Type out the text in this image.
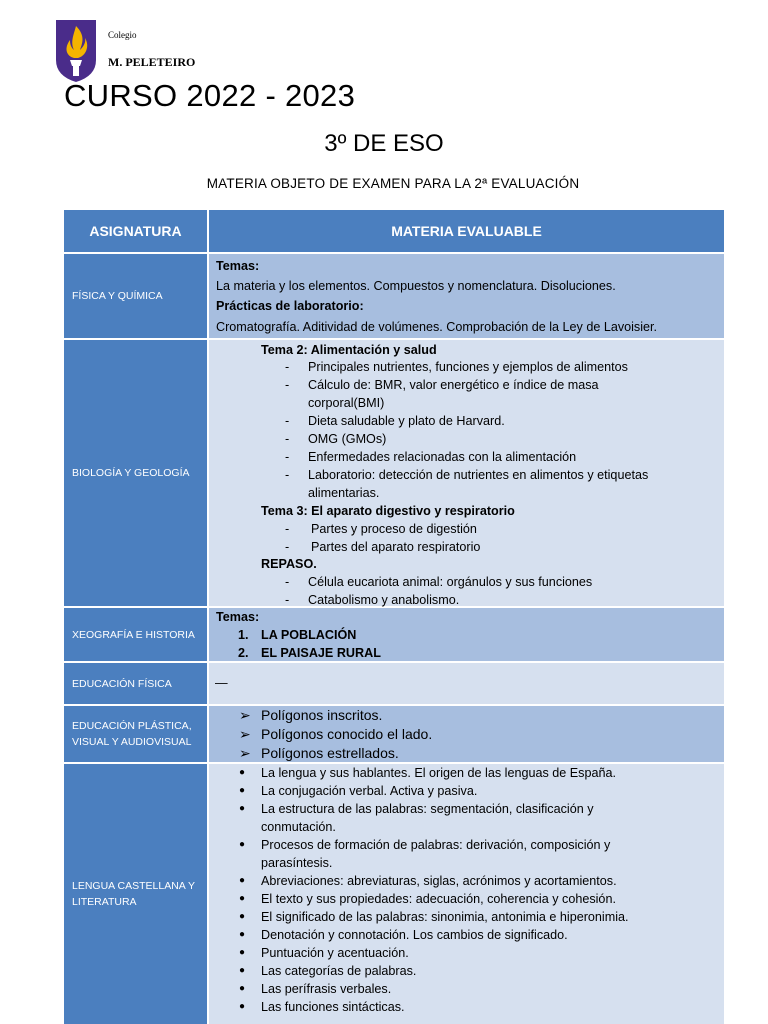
Colegio
M. PELETEIRO
CURSO 2022 - 2023
3º DE ESO
MATERIA OBJETO DE EXAMEN PARA LA 2ª EVALUACIÓN
ASIGNATURA	MATERIA EVALUABLE
FÍSICA Y QUÍMICA
Temas:
La materia y los elementos. Compuestos y nomenclatura. Disoluciones.
Prácticas de laboratorio:
Cromatografía. Aditividad de volúmenes. Comprobación de la Ley de Lavoisier.
BIOLOGÍA Y GEOLOGÍA
Tema 2: Alimentación y salud
- Principales nutrientes, funciones y ejemplos de alimentos
- Cálculo de: BMR, valor energético e índice de masa
corporal(BMI)
- Dieta saludable y plato de Harvard.
- OMG (GMOs)
- Enfermedades relacionadas con la alimentación
- Laboratorio: detección de nutrientes en alimentos y etiquetas
alimentarias.
Tema 3: El aparato digestivo y respiratorio
- Partes y proceso de digestión
- Partes del aparato respiratorio
REPASO.
- Célula eucariota animal: orgánulos y sus funciones
- Catabolismo y anabolismo.
XEOGRAFÍA E HISTORIA
Temas:
1. LA POBLACIÓN
2. EL PAISAJE RURAL
EDUCACIÓN FÍSICA	—
EDUCACIÓN PLÁSTICA,
VISUAL Y AUDIOVISUAL
➢ Polígonos inscritos.
➢ Polígonos conocido el lado.
➢ Polígonos estrellados.
LENGUA CASTELLANA Y
LITERATURA
● La lengua y sus hablantes. El origen de las lenguas de España.
● La conjugación verbal. Activa y pasiva.
● La estructura de las palabras: segmentación, clasificación y
conmutación.
● Procesos de formación de palabras: derivación, composición y
parasíntesis.
● Abreviaciones: abreviaturas, siglas, acrónimos y acortamientos.
● El texto y sus propiedades: adecuación, coherencia y cohesión.
● El significado de las palabras: sinonimia, antonimia e hiperonimia.
● Denotación y connotación. Los cambios de significado.
● Puntuación y acentuación.
● Las categorías de palabras.
● Las perífrasis verbales.
● Las funciones sintácticas.
